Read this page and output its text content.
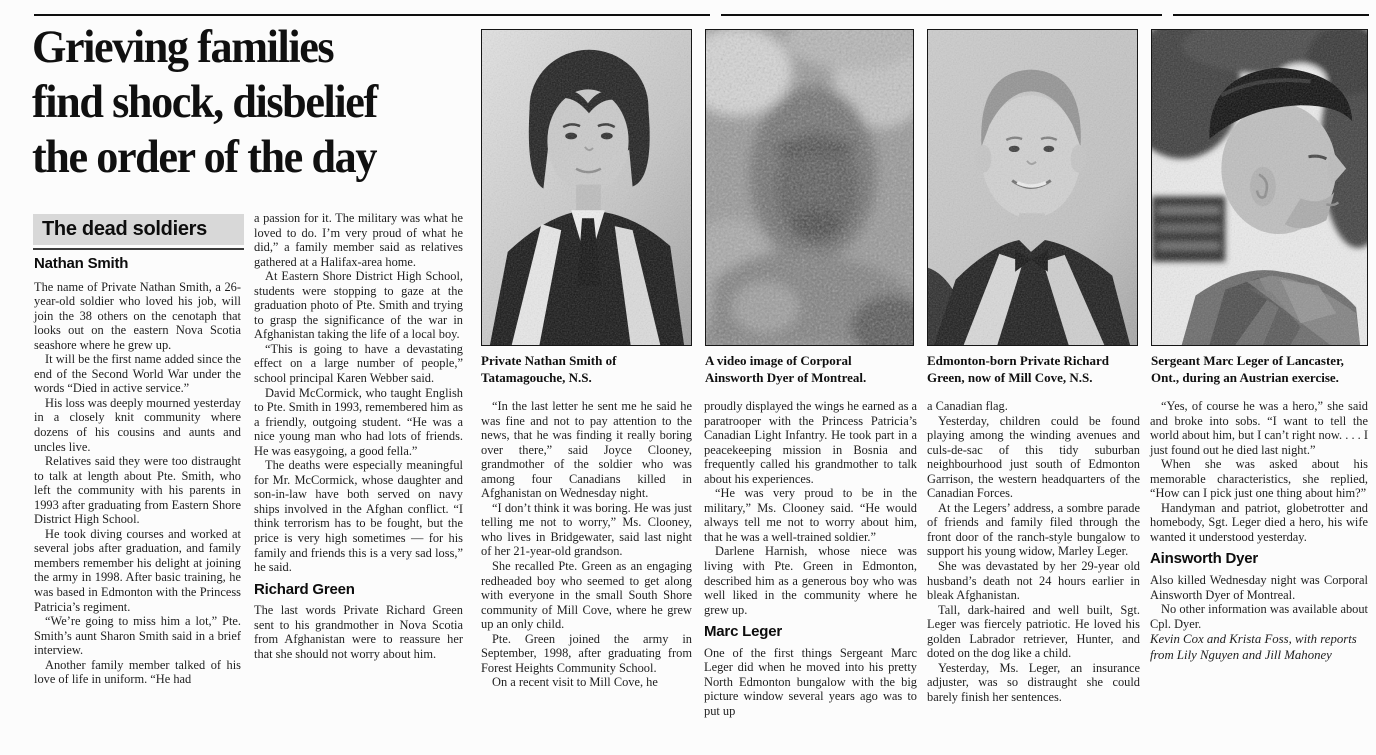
Grieving families
find shock, disbelief
the order of the day
The dead soldiers
Private Nathan Smith of Tatamagouche, N.S.
A video image of Corporal Ainsworth Dyer of Montreal.
Edmonton-born Private Richard Green, now of Mill Cove, N.S.
Sergeant Marc Leger of Lancaster, Ont., during an Austrian exercise.
Nathan Smith

The name of Private Nathan Smith, a 26-year-old soldier who loved his job, will join the 38 others on the cenotaph that looks out on the eastern Nova Scotia seashore where he grew up.

It will be the first name added since the end of the Second World War under the words “Died in active service.”

His loss was deeply mourned yesterday in a closely knit community where dozens of his cousins and aunts and uncles live.

Relatives said they were too distraught to talk at length about Pte. Smith, who left the community with his parents in 1993 after graduating from Eastern Shore District High School.

He took diving courses and worked at several jobs after graduation, and family members remember his delight at joining the army in 1998. After basic training, he was based in Edmonton with the Princess Patricia’s regiment.

“We’re going to miss him a lot,” Pte. Smith’s aunt Sharon Smith said in a brief interview.

Another family member talked of his love of life in uniform. “He had

a passion for it. The military was what he loved to do. I’m very proud of what he did,” a family member said as relatives gathered at a Halifax-area home.

At Eastern Shore District High School, students were stopping to gaze at the graduation photo of Pte. Smith and trying to grasp the significance of the war in Afghanistan taking the life of a local boy.

“This is going to have a devastating effect on a large number of people,” school principal Karen Webber said.

David McCormick, who taught English to Pte. Smith in 1993, remembered him as a friendly, outgoing student. “He was a nice young man who had lots of friends. He was easygoing, a good fella.”

The deaths were especially meaningful for Mr. McCormick, whose daughter and son-in-law have both served on navy ships involved in the Afghan conflict. “I think terrorism has to be fought, but the price is very high sometimes — for his family and friends this is a very sad loss,” he said.

Richard Green

The last words Private Richard Green sent to his grandmother in Nova Scotia from Afghanistan were to reassure her that she should not worry about him.

“In the last letter he sent me he said he was fine and not to pay attention to the news, that he was finding it really boring over there,” said Joyce Clooney, grandmother of the soldier who was among four Canadians killed in Afghanistan on Wednesday night.

“I don’t think it was boring. He was just telling me not to worry,” Ms. Clooney, who lives in Bridgewater, said last night of her 21-year-old grandson.

She recalled Pte. Green as an engaging redheaded boy who seemed to get along with everyone in the small South Shore community of Mill Cove, where he grew up an only child.

Pte. Green joined the army in September, 1998, after graduating from Forest Heights Community School.

On a recent visit to Mill Cove, he

proudly displayed the wings he earned as a paratrooper with the Princess Patricia’s Canadian Light Infantry. He took part in a peacekeeping mission in Bosnia and frequently called his grandmother to talk about his experiences.

“He was very proud to be in the military,” Ms. Clooney said. “He would always tell me not to worry about him, that he was a well-trained soldier.”

Darlene Harnish, whose niece was living with Pte. Green in Edmonton, described him as a generous boy who was well liked in the community where he grew up.

Marc Leger

One of the first things Sergeant Marc Leger did when he moved into his pretty North Edmonton bungalow with the big picture window several years ago was to put up

a Canadian flag.

Yesterday, children could be found playing among the winding avenues and culs-de-sac of this tidy suburban neighbourhood just south of Edmonton Garrison, the western headquarters of the Canadian Forces.

At the Legers’ address, a sombre parade of friends and family filed through the front door of the ranch-style bungalow to support his young widow, Marley Leger.

She was devastated by her 29-year old husband’s death not 24 hours earlier in bleak Afghanistan.

Tall, dark-haired and well built, Sgt. Leger was fiercely patriotic. He loved his golden Labrador retriever, Hunter, and doted on the dog like a child.

Yesterday, Ms. Leger, an insurance adjuster, was so distraught she could barely finish her sentences.

“Yes, of course he was a hero,” she said and broke into sobs. “I want to tell the world about him, but I can’t right now. . . . I just found out he died last night.”

When she was asked about his memorable characteristics, she replied, “How can I pick just one thing about him?”

Handyman and patriot, globetrotter and homebody, Sgt. Leger died a hero, his wife wanted it understood yesterday.

Ainsworth Dyer

Also killed Wednesday night was Corporal Ainsworth Dyer of Montreal.

No other information was available about Cpl. Dyer.

Kevin Cox and Krista Foss, with reports from Lily Nguyen and Jill Mahoney
